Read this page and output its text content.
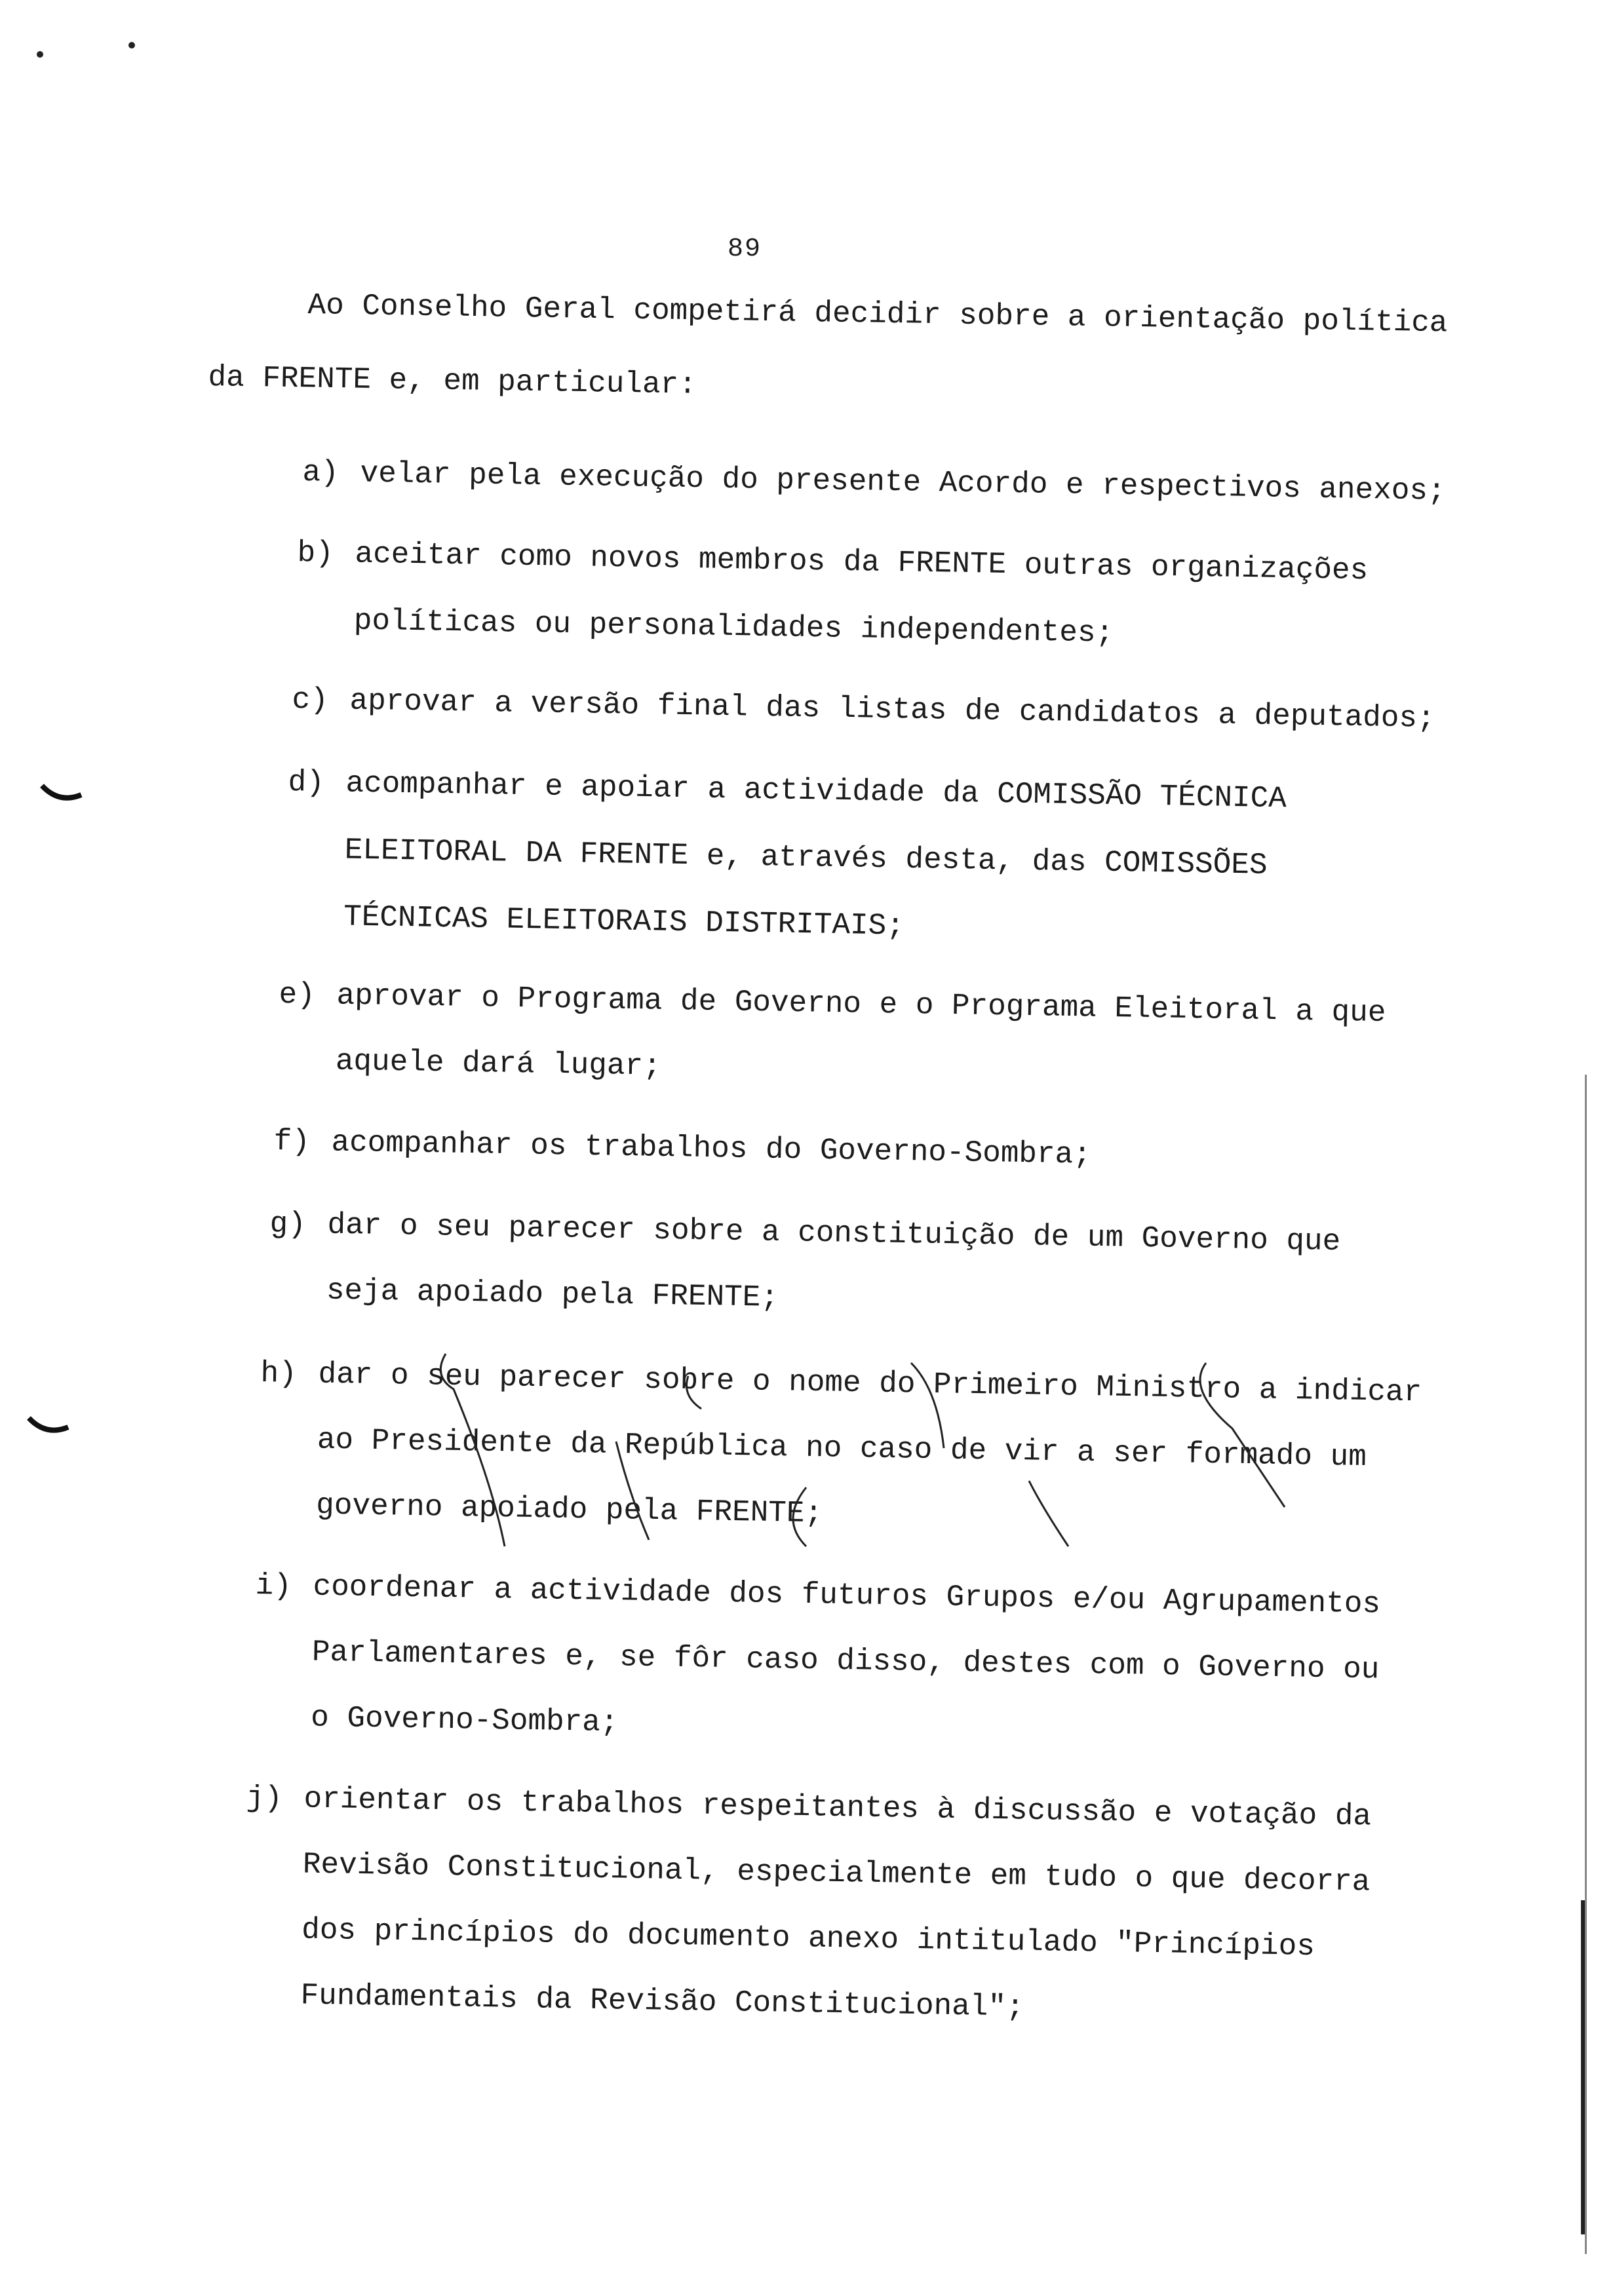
89
Ao Conselho Geral competirá decidir sobre a orientação política
da FRENTE e, em particular:
a) velar pela execução do presente Acordo e respectivos anexos;
b) aceitar como novos membros da FRENTE outras organizações
políticas ou personalidades independentes;
c) aprovar a versão final das listas de candidatos a deputados;
d) acompanhar e apoiar a actividade da COMISSÃO TÉCNICA
ELEITORAL DA FRENTE e, através desta, das COMISSÕES
TÉCNICAS ELEITORAIS DISTRITAIS;
e) aprovar o Programa de Governo e o Programa Eleitoral a que
aquele dará lugar;
f) acompanhar os trabalhos do Governo-Sombra;
g) dar o seu parecer sobre a constituição de um Governo que
seja apoiado pela FRENTE;
h) dar o seu parecer sobre o nome do Primeiro Ministro a indicar
ao Presidente da República no caso de vir a ser formado um
governo apoiado pela FRENTE;
i) coordenar a actividade dos futuros Grupos e/ou Agrupamentos
Parlamentares e, se fôr caso disso, destes com o Governo ou
o Governo-Sombra;
j) orientar os trabalhos respeitantes à discussão e votação da
Revisão Constitucional, especialmente em tudo o que decorra
dos princípios do documento anexo intitulado "Princípios
Fundamentais da Revisão Constitucional";
